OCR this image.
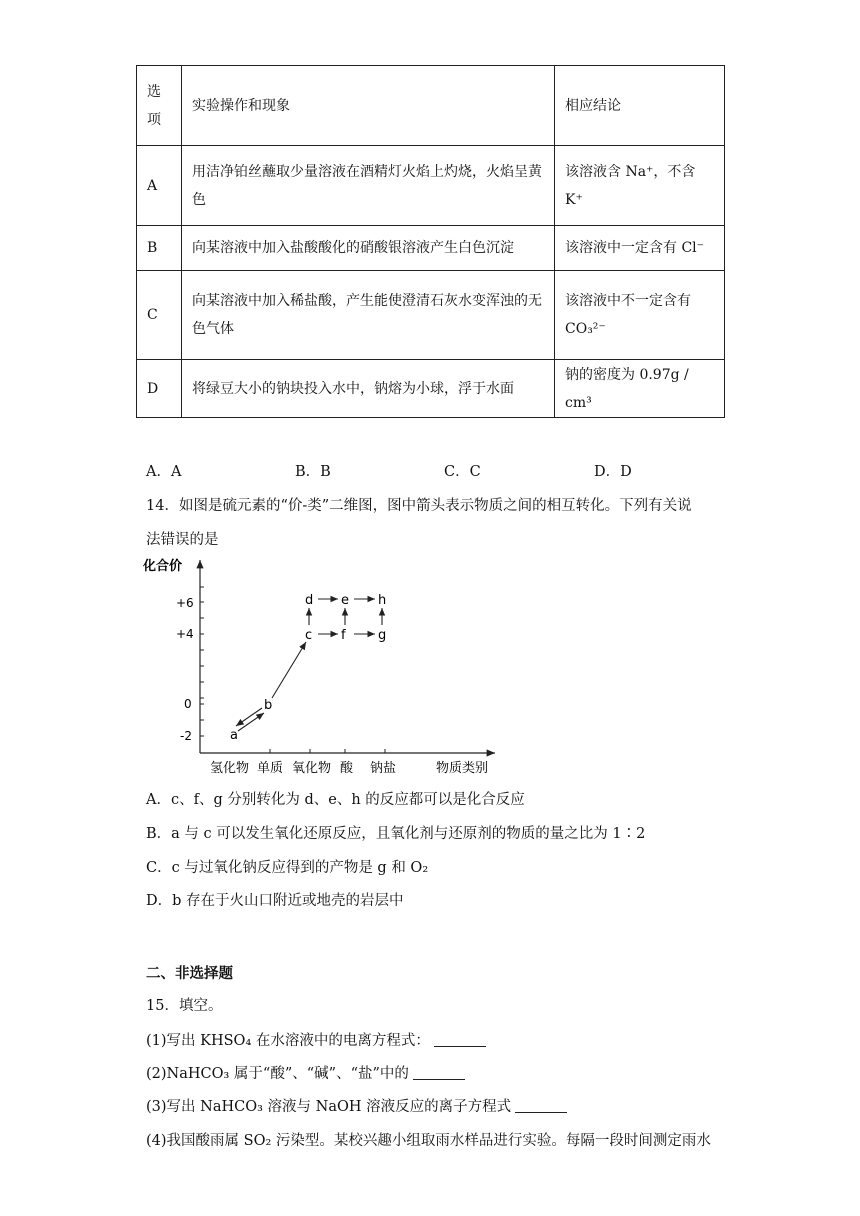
选项	实验操作和现象	相应结论
A	用洁净铂丝蘸取少量溶液在酒精灯火焰上灼烧，火焰呈黄色	该溶液含 Na⁺，不含 K⁺
B	向某溶液中加入盐酸酸化的硝酸银溶液产生白色沉淀	该溶液中一定含有 Cl⁻
C	向某溶液中加入稀盐酸，产生能使澄清石灰水变浑浊的无色气体	该溶液中不一定含有 CO₃²⁻
D	将绿豆大小的钠块投入水中，钠熔为小球，浮于水面	钠的密度为 0.97g / cm³
A．A	B．B	C．C	D．D
14．如图是硫元素的“价-类”二维图，图中箭头表示物质之间的相互转化。下列有关说
法错误的是
化合价
+6
+4
0
-2
氢化物 单质 氧化物 酸 钠盐	物质类别
a
b
c
d e
f g
h
A．c、f、g 分别转化为 d、e、h 的反应都可以是化合反应
B．a 与 c 可以发生氧化还原反应，且氧化剂与还原剂的物质的量之比为 1∶2
C．c 与过氧化钠反应得到的产物是 g 和 O₂
D．b 存在于火山口附近或地壳的岩层中
二、非选择题
15．填空。
(1)写出 KHSO₄ 在水溶液中的电离方程式：
(2)NaHCO₃ 属于“酸”、“碱”、“盐”中的
(3)写出 NaHCO₃ 溶液与 NaOH 溶液反应的离子方程式
(4)我国酸雨属 SO₂ 污染型。某校兴趣小组取雨水样品进行实验。每隔一段时间测定雨水
